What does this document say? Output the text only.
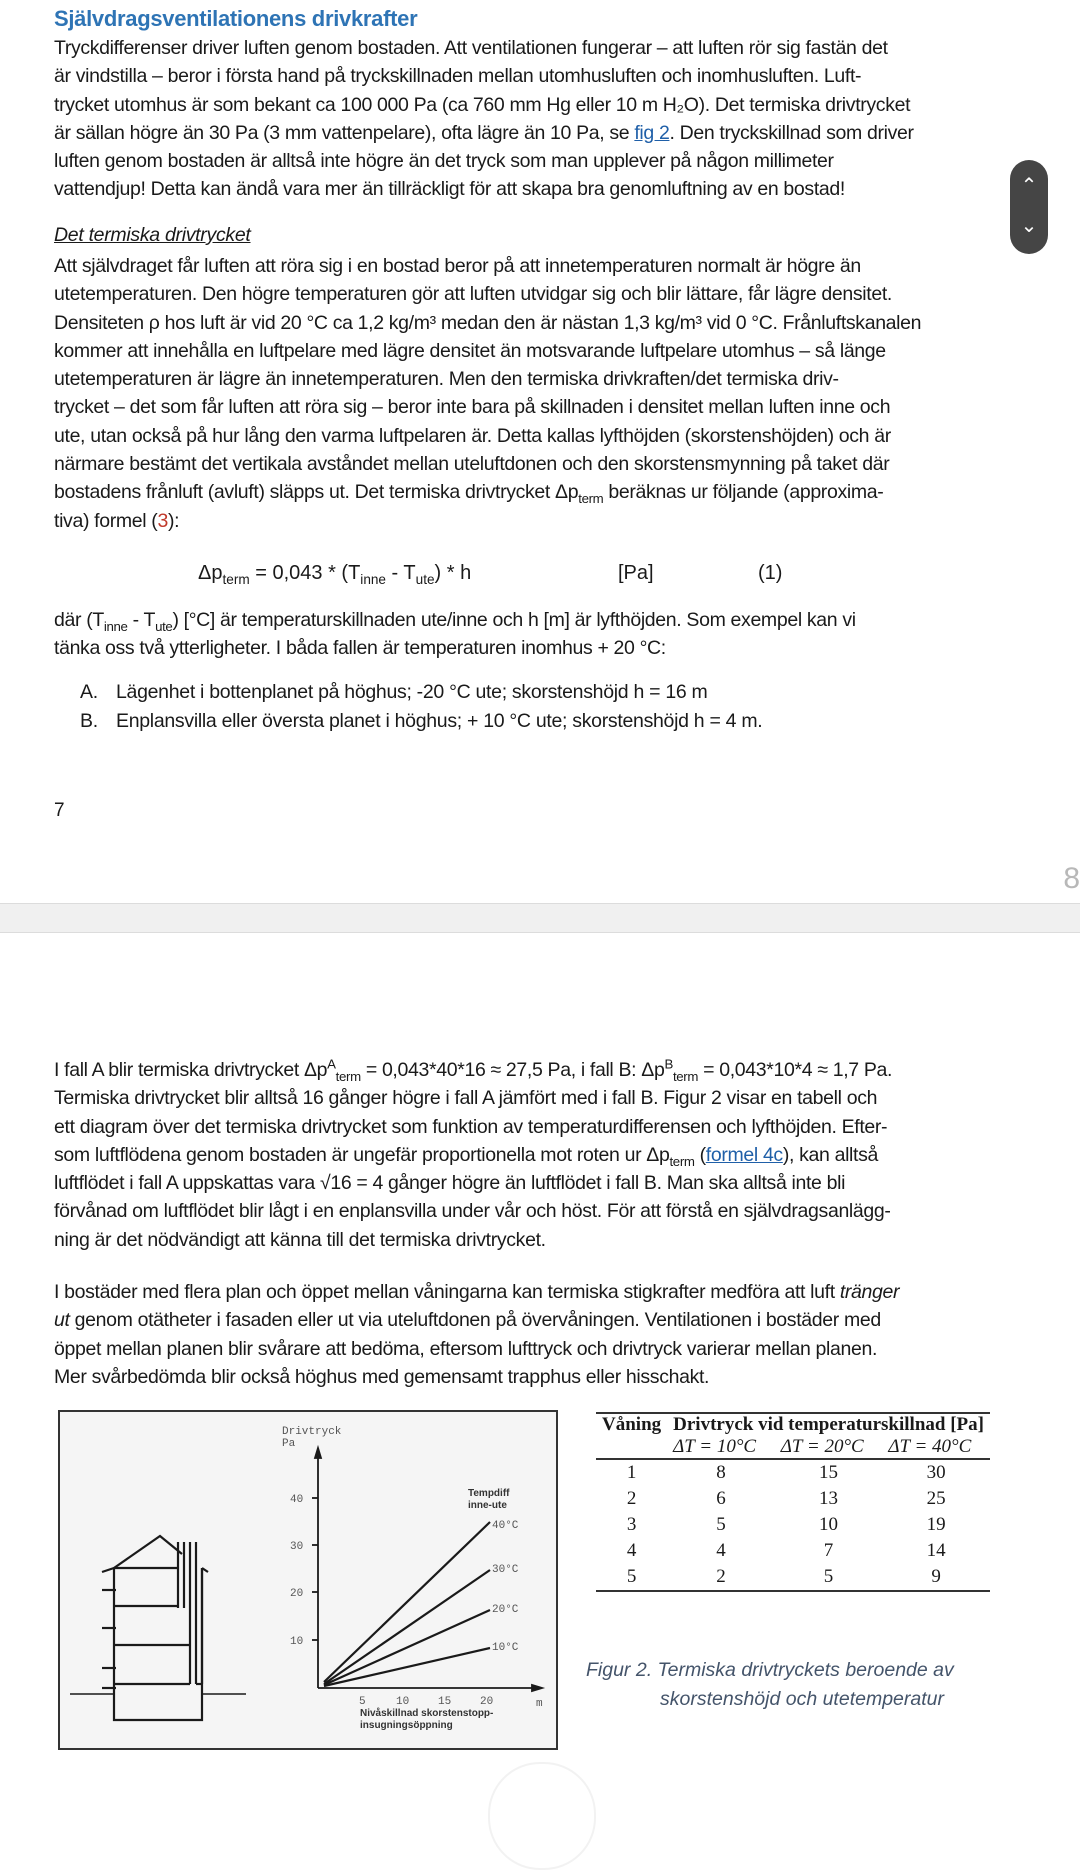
Självdragsventilationens drivkrafter
Tryckdifferenser driver luften genom bostaden. Att ventilationen fungerar – att luften rör sig fastän det
är vindstilla – beror i första hand på tryckskillnaden mellan utomhusluften och inomhusluften. Luft-
trycket utomhus är som bekant ca 100 000 Pa (ca 760 mm Hg eller 10 m H₂O). Det termiska drivtrycket
är sällan högre än 30 Pa (3 mm vattenpelare), ofta lägre än 10 Pa, se fig 2. Den tryckskillnad som driver
luften genom bostaden är alltså inte högre än det tryck som man upplever på någon millimeter
vattendjup! Detta kan ändå vara mer än tillräckligt för att skapa bra genomluftning av en bostad!
Det termiska drivtrycket
Att självdraget får luften att röra sig i en bostad beror på att innetemperaturen normalt är högre än
utetemperaturen. Den högre temperaturen gör att luften utvidgar sig och blir lättare, får lägre densitet.
Densiteten ρ hos luft är vid 20 °C ca 1,2 kg/m³ medan den är nästan 1,3 kg/m³ vid 0 °C. Frånluftskanalen
kommer att innehålla en luftpelare med lägre densitet än motsvarande luftpelare utomhus – så länge
utetemperaturen är lägre än innetemperaturen. Men den termiska drivkraften/det termiska driv-
trycket – det som får luften att röra sig – beror inte bara på skillnaden i densitet mellan luften inne och
ute, utan också på hur lång den varma luftpelaren är. Detta kallas lyfthöjden (skorstenshöjden) och är
närmare bestämt det vertikala avståndet mellan uteluftdonen och den skorstensmynning på taket där
bostadens frånluft (avluft) släpps ut. Det termiska drivtrycket $\Delta p_{term}$ beräknas ur följande (approxima-
tiva) formel (3):
$\Delta p_{term} = 0,043 * (T_{inne} - T_{ute}) * h$	[Pa]	(1)
där $(T_{inne} - T_{ute})$ [°C] är temperaturskillnaden ute/inne och h [m] är lyfthöjden. Som exempel kan vi
tänka oss två ytterligheter. I båda fallen är temperaturen inomhus + 20 °C:
A. Lägenhet i bottenplanet på höghus; -20 °C ute; skorstenshöjd h = 16 m
B. Enplansvilla eller översta planet i höghus; + 10 °C ute; skorstenshöjd h = 4 m.
7
8
⌃
⌄
I fall A blir termiska drivtrycket $\Delta p^A_{term} = 0,043*40*16 \approx 27,5$ Pa, i fall B: $\Delta p^B_{term} = 0,043*10*4 \approx 1,7$ Pa.
Termiska drivtrycket blir alltså 16 gånger högre i fall A jämfört med i fall B. Figur 2 visar en tabell och
ett diagram över det termiska drivtrycket som funktion av temperaturdifferensen och lyfthöjden. Efter-
som luftflödena genom bostaden är ungefär proportionella mot roten ur $\Delta p_{term}$ (formel 4c), kan alltså
luftflödet i fall A uppskattas vara √16 = 4 gånger högre än luftflödet i fall B. Man ska alltså inte bli
förvånad om luftflödet blir lågt i en enplansvilla under vår och höst. För att förstå en självdragsanlägg-
ning är det nödvändigt att känna till det termiska drivtrycket.
I bostäder med flera plan och öppet mellan våningarna kan termiska stigkrafter medföra att luft tränger
ut genom otätheter i fasaden eller ut via uteluftdonen på övervåningen. Ventilationen i bostäder med
öppet mellan planen blir svårare att bedöma, eftersom lufttryck och drivtryck varierar mellan planen.
Mer svårbedömda blir också höghus med gemensamt trapphus eller hisschakt.
Drivtryck
Pa
10
20
30
40
5	10	15	20	m
40°C
30°C
20°C
10°C
Tempdiff
inne-ute
Nivåskillnad skorstenstopp-
insugningsöppning
Våning	Drivtryck vid temperaturskillnad [Pa]		
	ΔT = 10°C	ΔT = 20°C	ΔT = 40°C
1	8	15	30
2	6	13	25
3	5	10	19
4	4	7	14
5	2	5	9
Figur 2. Termiska drivtryckets beroende av
skorstenshöjd och utetemperatur
